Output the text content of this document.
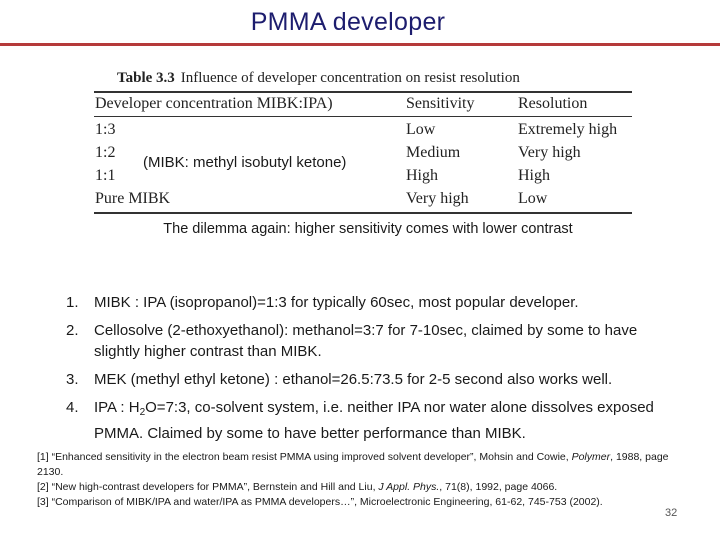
PMMA developer
Table 3.3 Influence of developer concentration on resist resolution
Developer concentration MIBK:IPA)	Sensitivity	Resolution
1:3	Low	Extremely high
1:2	Medium	Very high
1:1	High	High
Pure MIBK	Very high	Low
(MIBK: methyl isobutyl ketone)
The dilemma again: higher sensitivity comes with lower contrast
1. MIBK : IPA (isopropanol)=1:3 for typically 60sec, most popular developer.
2. Cellosolve (2-ethoxyethanol): methanol=3:7 for 7-10sec, claimed by some to have slightly higher contrast than MIBK.
3. MEK (methyl ethyl ketone) : ethanol=26.5:73.5 for 2-5 second also works well.
4. IPA : $H_2O=7:3$, co-solvent system, i.e. neither IPA nor water alone dissolves exposed PMMA. Claimed by some to have better performance than MIBK.
[1] “Enhanced sensitivity in the electron beam resist PMMA using improved solvent developer”, Mohsin and Cowie, Polymer, 1988, page 2130.
[2] “New high-contrast developers for PMMA”, Bernstein and Hill and Liu, J Appl. Phys., 71(8), 1992, page 4066.
[3] “Comparison of MIBK/IPA and water/IPA as PMMA developers…”, Microelectronic Engineering, 61-62, 745-753 (2002).
32
